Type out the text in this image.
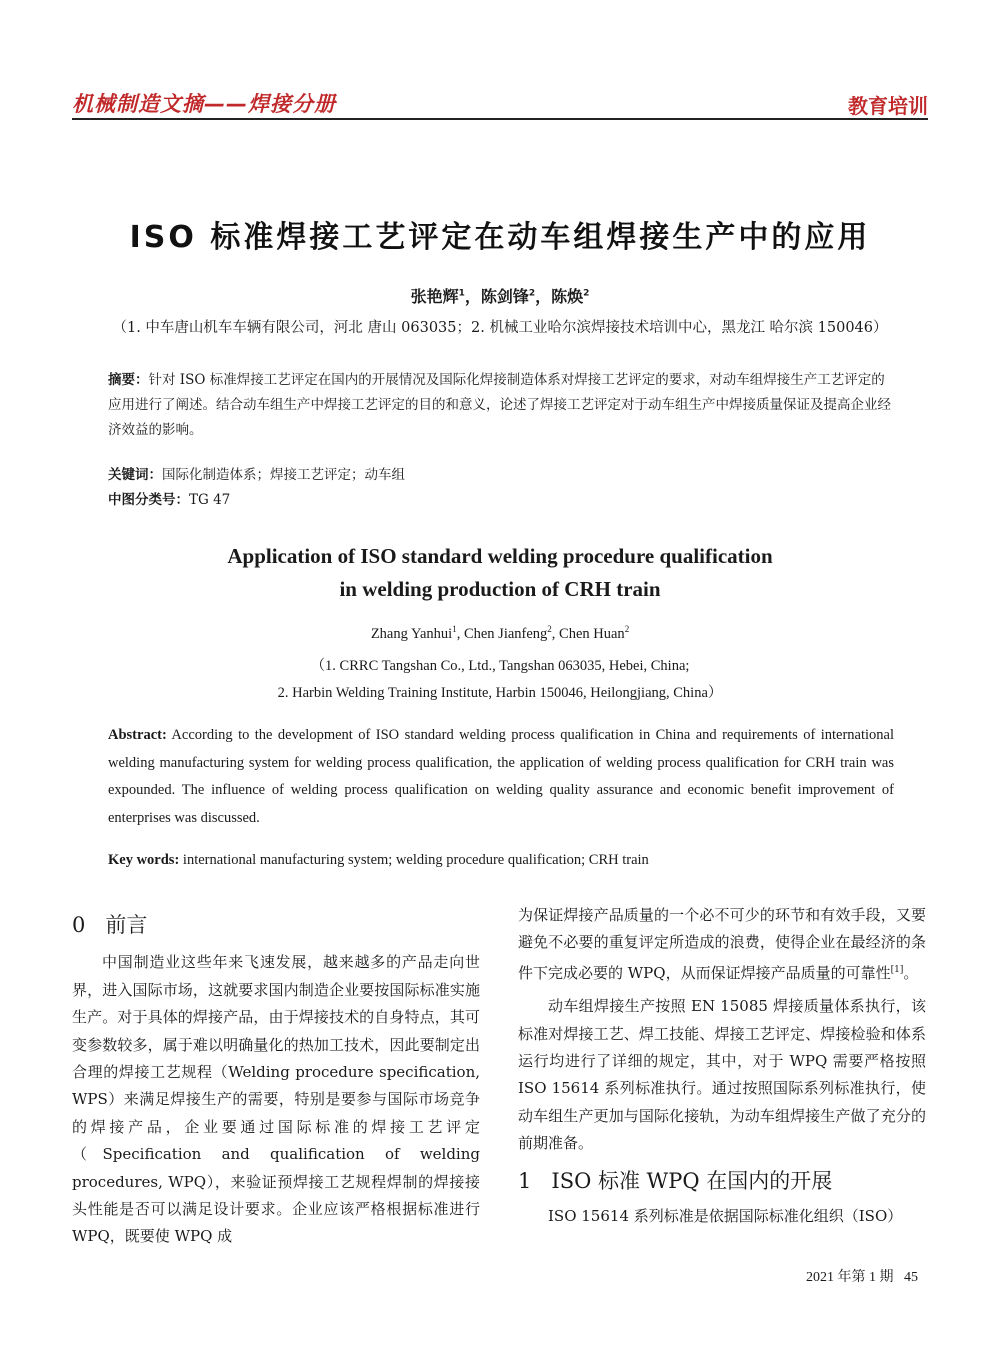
机械制造文摘——焊接分册	教育培训
ISO 标准焊接工艺评定在动车组焊接生产中的应用
张艳辉$^1$，陈剑锋$^2$，陈焕$^2$
（1. 中车唐山机车车辆有限公司，河北 唐山 063035；2. 机械工业哈尔滨焊接技术培训中心，黑龙江 哈尔滨 150046）
摘要：针对 ISO 标准焊接工艺评定在国内的开展情况及国际化焊接制造体系对焊接工艺评定的要求，对动车组焊接生产工艺评定的应用进行了阐述。结合动车组生产中焊接工艺评定的目的和意义，论述了焊接工艺评定对于动车组生产中焊接质量保证及提高企业经济效益的影响。
关键词：国际化制造体系；焊接工艺评定；动车组
中图分类号：TG 47
Application of ISO standard welding procedure qualification
in welding production of CRH train
Zhang Yanhui$^1$, Chen Jianfeng$^2$, Chen Huan$^2$
（1. CRRC Tangshan Co., Ltd., Tangshan 063035, Hebei, China;
2. Harbin Welding Training Institute, Harbin 150046, Heilongjiang, China）
Abstract: According to the development of ISO standard welding process qualification in China and requirements of international welding manufacturing system for welding process qualification, the application of welding process qualification for CRH train was expounded. The influence of welding process qualification on welding quality assurance and economic benefit improvement of enterprises was discussed.
Key words: international manufacturing system; welding procedure qualification; CRH train
0 前言

中国制造业这些年来飞速发展，越来越多的产品走向世界，进入国际市场，这就要求国内制造企业要按国际标准实施生产。对于具体的焊接产品，由于焊接技术的自身特点，其可变参数较多，属于难以明确量化的热加工技术，因此要制定出合理的焊接工艺规程（Welding procedure specification, WPS）来满足焊接生产的需要，特别是要参与国际市场竞争的焊接产品，企业要通过国际标准的焊接工艺评定（Specification and qualification of welding procedures, WPQ），来验证预焊接工艺规程焊制的焊接接头性能是否可以满足设计要求。企业应该严格根据标准进行 WPQ，既要使 WPQ 成

为保证焊接产品质量的一个必不可少的环节和有效手段，又要避免不必要的重复评定所造成的浪费，使得企业在最经济的条件下完成必要的 WPQ，从而保证焊接产品质量的可靠性[1]。

动车组焊接生产按照 EN 15085 焊接质量体系执行，该标准对焊接工艺、焊工技能、焊接工艺评定、焊接检验和体系运行均进行了详细的规定，其中，对于 WPQ 需要严格按照 ISO 15614 系列标准执行。通过按照国际系列标准执行，使动车组生产更加与国际化接轨，为动车组焊接生产做了充分的前期准备。

1 ISO 标准 WPQ 在国内的开展

ISO 15614 系列标准是依据国际标准化组织（ISO）

2021 年第 1 期 45
